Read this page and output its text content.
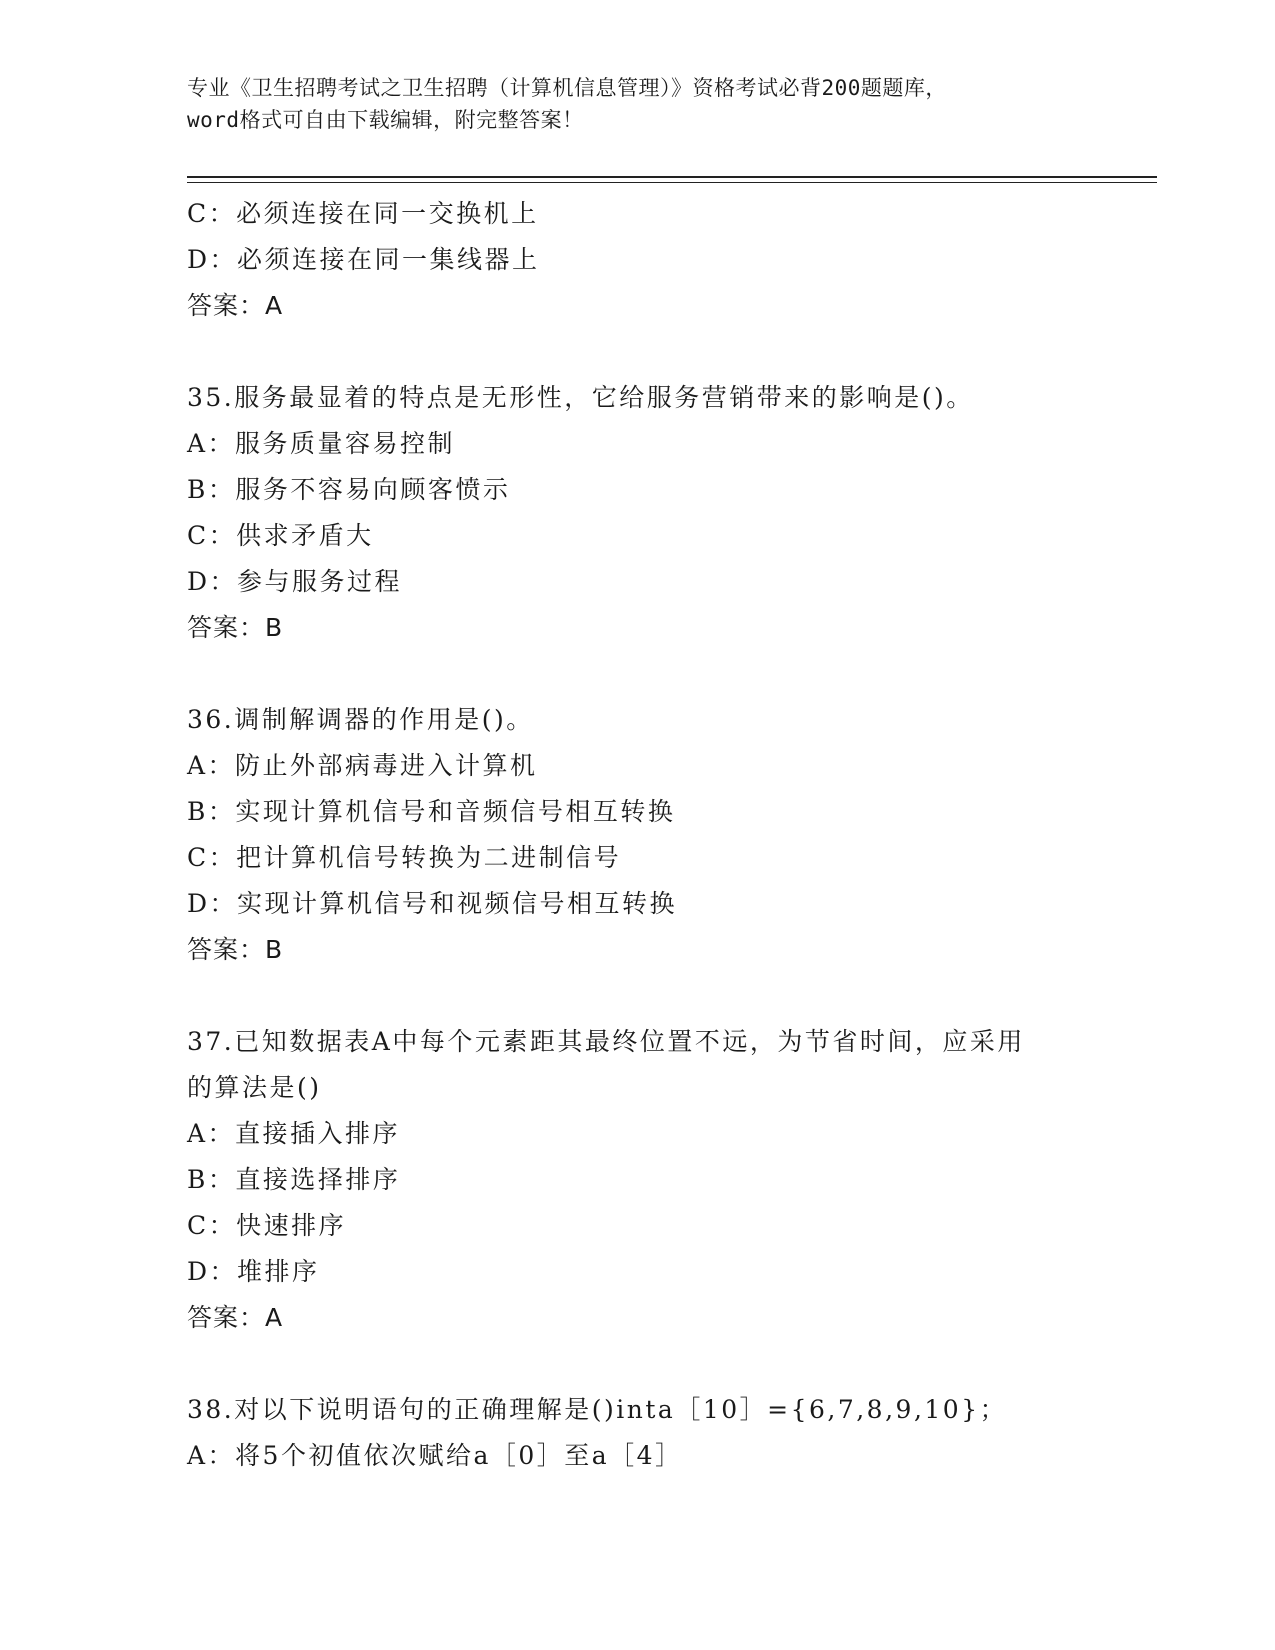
专业《卫生招聘考试之卫生招聘（计算机信息管理）》资格考试必背200题题库，

word格式可自由下载编辑，附完整答案！

C：必须连接在同一交换机上
D：必须连接在同一集线器上
答案：A
35.服务最显着的特点是无形性，它给服务营销带来的影响是()。
A：服务质量容易控制
B：服务不容易向顾客愤示
C：供求矛盾大
D：参与服务过程
答案：B
36.调制解调器的作用是()。
A：防止外部病毒进入计算机
B：实现计算机信号和音频信号相互转换
C：把计算机信号转换为二进制信号
D：实现计算机信号和视频信号相互转换
答案：B
37.已知数据表A中每个元素距其最终位置不远，为节省时间，应采用
的算法是()
A：直接插入排序
B：直接选择排序
C：快速排序
D：堆排序
答案：A
38.对以下说明语句的正确理解是()inta［10］={6,7,8,9,10}；
A：将5个初值依次赋给a［0］至a［4］
